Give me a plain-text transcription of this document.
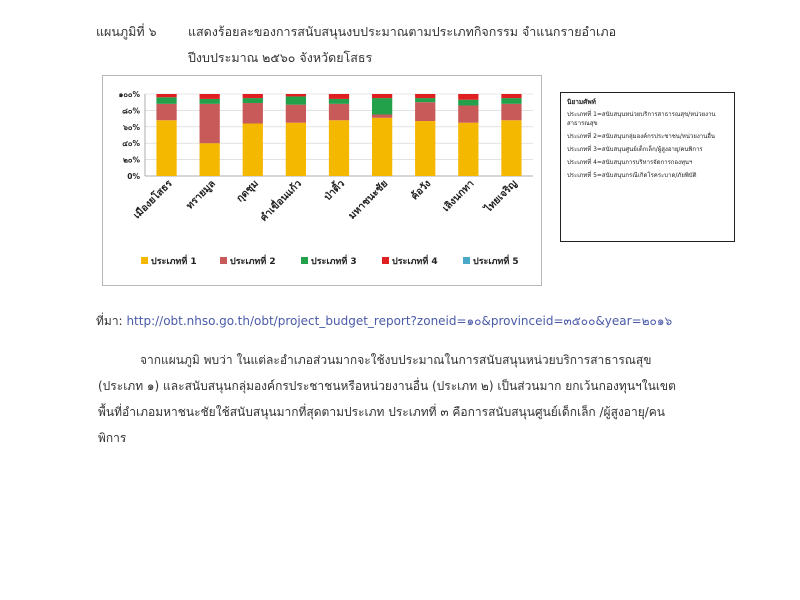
แผนภูมิที่ ๖	แสดงร้อยละของการสนับสนุนงบประมาณตามประเภทกิจกรรม จำแนกรายอำเภอ
ปีงบประมาณ ๒๕๖๐ จังหวัดยโสธร
0%
๒๐%
๔๐%
๖๐%
๘๐%
๑๐๐%
เมืองยโสธร ทรายมูล กุดชุม
คำเขื่อนแก้ว ป่าติ้ว มหาชนะชัย ค้อวัง เลิงนกทา ไทยเจริญ
ประเภทที่ 1	ประเภทที่ 2	ประเภทที่ 3	ประเภทที่ 4	ประเภทที่ 5
นิยามศัพท์
ประเภทที่ 1=สนับสนุนหน่วยบริการสาธารณสุข/หน่วยงานสาธารณสุข
ประเภทที่ 2=สนับสนุนกลุ่มองค์กรประชาชน/หน่วยงานอื่น
ประเภทที่ 3=สนับสนุนศูนย์เด็กเล็ก/ผู้สูงอายุ/คนพิการ
ประเภทที่ 4=สนับสนุนการบริหารจัดการกองทุนฯ
ประเภทที่ 5=สนับสนุนกรณีเกิดโรคระบาด/ภัยพิบัติ
ที่มา: http://obt.nhso.go.th/obt/project_budget_report?zoneid=๑๐&provinceid=๓๕๐๐&year=๒๐๑๖
จากแผนภูมิ พบว่า ในแต่ละอำเภอส่วนมากจะใช้งบประมาณในการสนับสนุนหน่วยบริการสาธารณสุข
(ประเภท ๑) และสนับสนุนกลุ่มองค์กรประชาชนหรือหน่วยงานอื่น (ประเภท ๒) เป็นส่วนมาก ยกเว้นกองทุนฯในเขต
พื้นที่อำเภอมหาชนะชัยใช้สนับสนุนมากที่สุดตามประเภท ประเภทที่ ๓ คือการสนับสนุนศูนย์เด็กเล็ก /ผู้สูงอายุ/คน
พิการ
